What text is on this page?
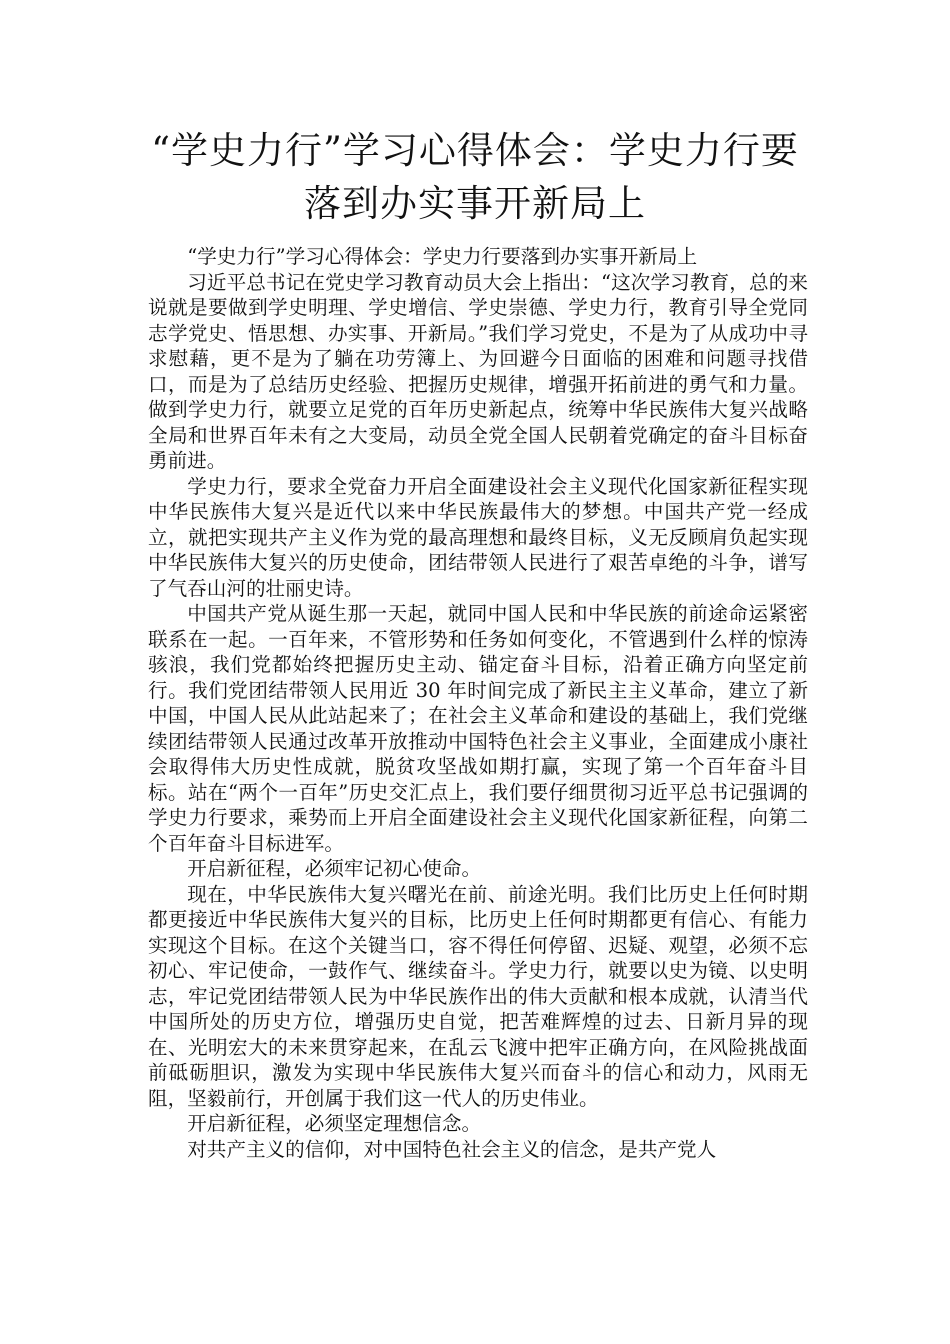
“学史力行”学习心得体会：学史力行要
落到办实事开新局上

“学史力行”学习心得体会：学史力行要落到办实事开新局上

习近平总书记在党史学习教育动员大会上指出：“这次学习教育，总的来说就是要做到学史明理、学史增信、学史崇德、学史力行，教育引导全党同志学党史、悟思想、办实事、开新局。”我们学习党史，不是为了从成功中寻求慰藉，更不是为了躺在功劳簿上、为回避今日面临的困难和问题寻找借口，而是为了总结历史经验、把握历史规律，增强开拓前进的勇气和力量。做到学史力行，就要立足党的百年历史新起点，统筹中华民族伟大复兴战略全局和世界百年未有之大变局，动员全党全国人民朝着党确定的奋斗目标奋勇前进。

学史力行，要求全党奋力开启全面建设社会主义现代化国家新征程实现中华民族伟大复兴是近代以来中华民族最伟大的梦想。中国共产党一经成立，就把实现共产主义作为党的最高理想和最终目标，义无反顾肩负起实现中华民族伟大复兴的历史使命，团结带领人民进行了艰苦卓绝的斗争，谱写了气吞山河的壮丽史诗。

中国共产党从诞生那一天起，就同中国人民和中华民族的前途命运紧密联系在一起。一百年来，不管形势和任务如何变化，不管遇到什么样的惊涛骇浪，我们党都始终把握历史主动、锚定奋斗目标，沿着正确方向坚定前行。我们党团结带领人民用近 30 年时间完成了新民主主义革命，建立了新中国，中国人民从此站起来了；在社会主义革命和建设的基础上，我们党继续团结带领人民通过改革开放推动中国特色社会主义事业，全面建成小康社会取得伟大历史性成就，脱贫攻坚战如期打赢，实现了第一个百年奋斗目标。站在“两个一百年”历史交汇点上，我们要仔细贯彻习近平总书记强调的学史力行要求，乘势而上开启全面建设社会主义现代化国家新征程，向第二个百年奋斗目标进军。

开启新征程，必须牢记初心使命。

现在，中华民族伟大复兴曙光在前、前途光明。我们比历史上任何时期都更接近中华民族伟大复兴的目标，比历史上任何时期都更有信心、有能力实现这个目标。在这个关键当口，容不得任何停留、迟疑、观望，必须不忘初心、牢记使命，一鼓作气、继续奋斗。学史力行，就要以史为镜、以史明志，牢记党团结带领人民为中华民族作出的伟大贡献和根本成就，认清当代中国所处的历史方位，增强历史自觉，把苦难辉煌的过去、日新月异的现在、光明宏大的未来贯穿起来，在乱云飞渡中把牢正确方向，在风险挑战面前砥砺胆识，激发为实现中华民族伟大复兴而奋斗的信心和动力，风雨无阻，坚毅前行，开创属于我们这一代人的历史伟业。

开启新征程，必须坚定理想信念。

对共产主义的信仰，对中国特色社会主义的信念，是共产党人
